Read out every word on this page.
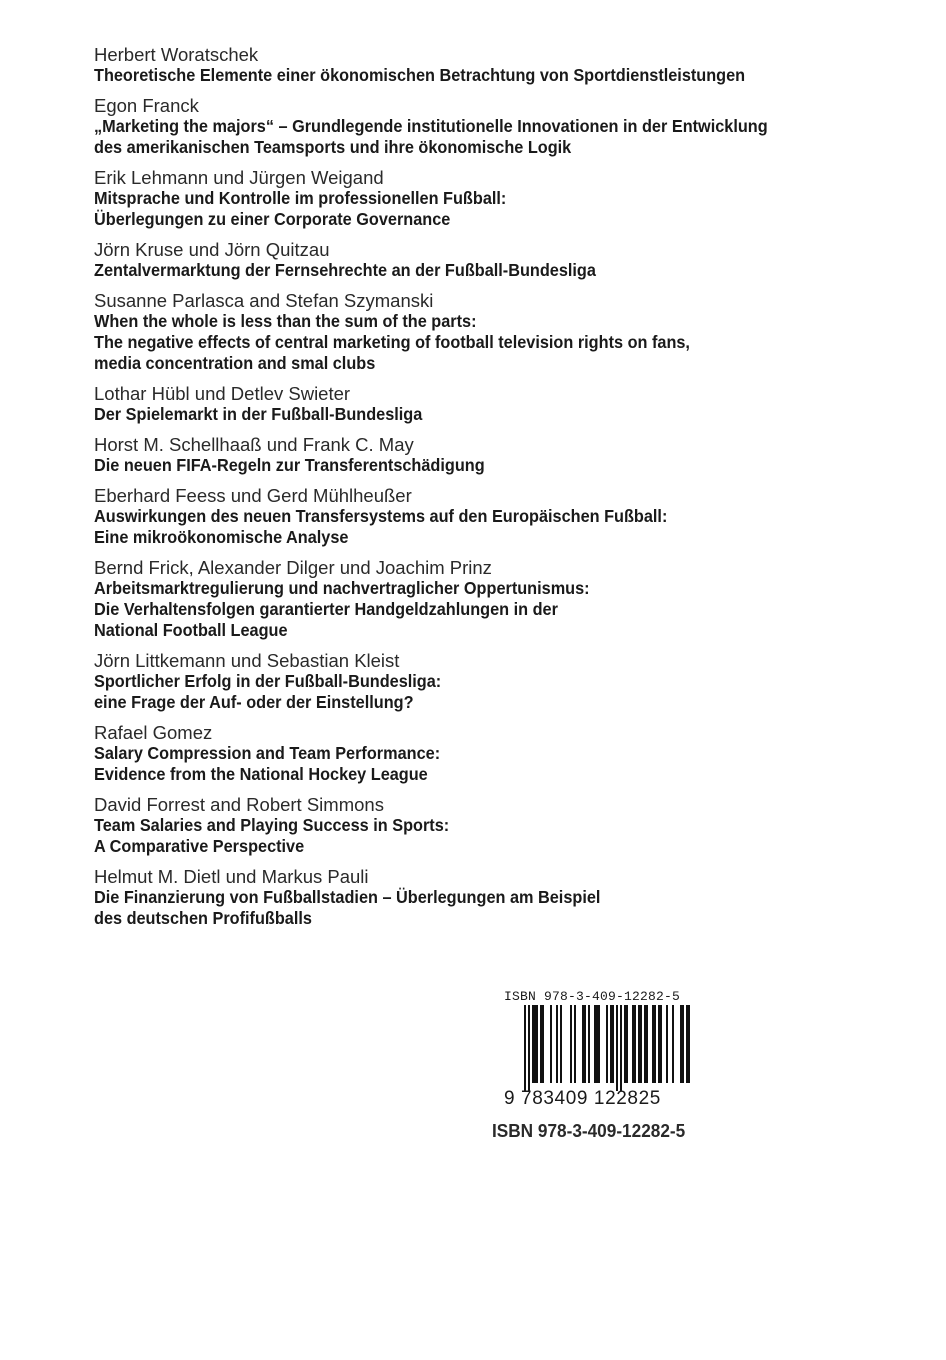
Herbert Woratschek
Theoretische Elemente einer ökonomischen Betrachtung von Sportdienstleistungen
Egon Franck
„Marketing the majors“ – Grundlegende institutionelle Innovationen in der Entwicklung
des amerikanischen Teamsports und ihre ökonomische Logik
Erik Lehmann und Jürgen Weigand
Mitsprache und Kontrolle im professionellen Fußball:
Überlegungen zu einer Corporate Governance
Jörn Kruse und Jörn Quitzau
Zentalvermarktung der Fernsehrechte an der Fußball-Bundesliga
Susanne Parlasca and Stefan Szymanski
When the whole is less than the sum of the parts:
The negative effects of central marketing of football television rights on fans,
media concentration and smal clubs
Lothar Hübl und Detlev Swieter
Der Spielemarkt in der Fußball-Bundesliga
Horst M. Schellhaaß und Frank C. May
Die neuen FIFA-Regeln zur Transferentschädigung
Eberhard Feess und Gerd Mühlheußer
Auswirkungen des neuen Transfersystems auf den Europäischen Fußball:
Eine mikroökonomische Analyse
Bernd Frick, Alexander Dilger und Joachim Prinz
Arbeitsmarktregulierung und nachvertraglicher Oppertunismus:
Die Verhaltensfolgen garantierter Handgeldzahlungen in der
National Football League
Jörn Littkemann und Sebastian Kleist
Sportlicher Erfolg in der Fußball-Bundesliga:
eine Frage der Auf- oder der Einstellung?
Rafael Gomez
Salary Compression and Team Performance:
Evidence from the National Hockey League
David Forrest and Robert Simmons
Team Salaries and Playing Success in Sports:
A Comparative Perspective
Helmut M. Dietl und Markus Pauli
Die Finanzierung von Fußballstadien – Überlegungen am Beispiel
des deutschen Profifußballs
ISBN 978-3-409-12282-5
9 783409 122825
ISBN 978-3-409-12282-5
